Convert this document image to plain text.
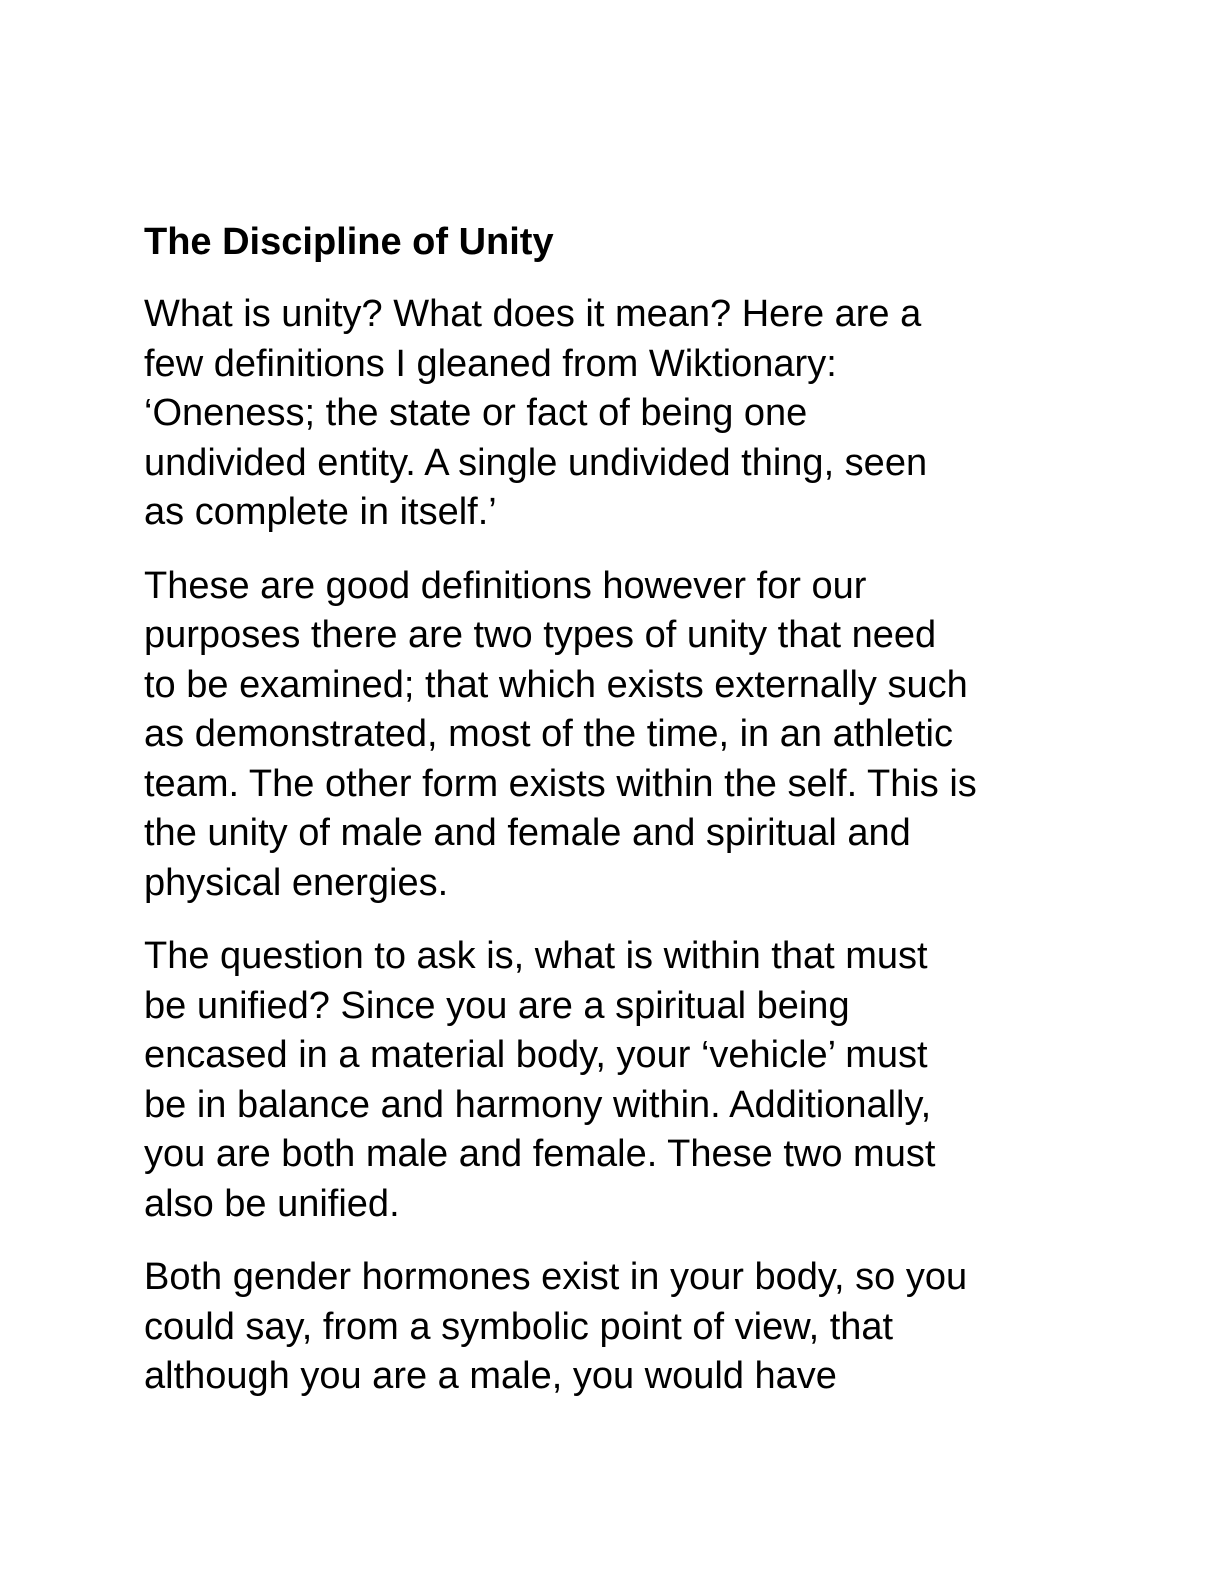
The Discipline of Unity

What is unity? What does it mean? Here are a
few definitions I gleaned from Wiktionary:
‘Oneness; the state or fact of being one
undivided entity. A single undivided thing, seen
as complete in itself.’

These are good definitions however for our
purposes there are two types of unity that need
to be examined; that which exists externally such
as demonstrated, most of the time, in an athletic
team. The other form exists within the self. This is
the unity of male and female and spiritual and
physical energies.

The question to ask is, what is within that must
be unified? Since you are a spiritual being
encased in a material body, your ‘vehicle’ must
be in balance and harmony within. Additionally,
you are both male and female. These two must
also be unified.

Both gender hormones exist in your body, so you
could say, from a symbolic point of view, that
although you are a male, you would have
